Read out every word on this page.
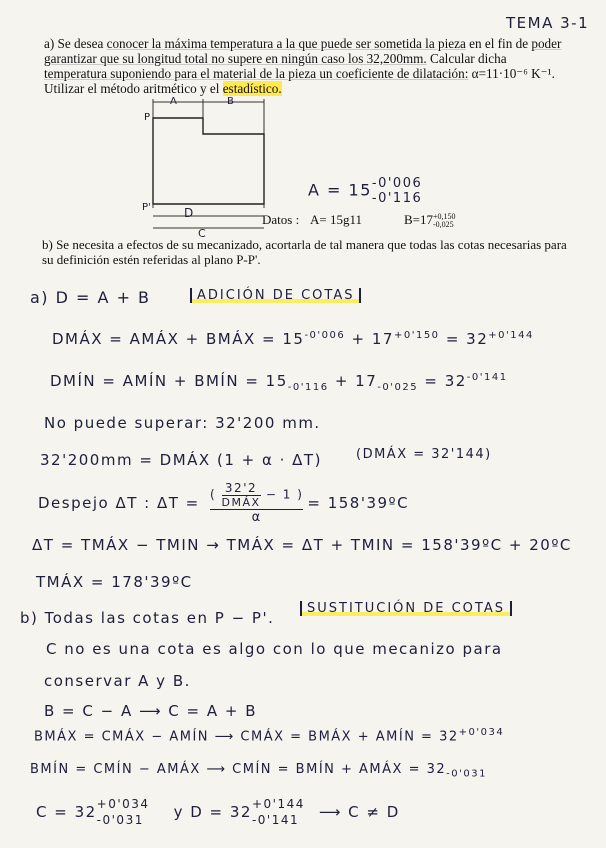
TEMA 3-1
a) Se desea conocer la máxima temperatura a la que puede ser sometida la pieza en el fin de poder garantizar que su longitud total no supere en ningún caso los 32,200mm. Calcular dicha temperatura suponiendo para el material de la pieza un coeficiente de dilatación: α=11·10⁻⁶ K⁻¹.
Utilizar el método aritmético y el estadístico.
A	B
P
P'	D
C
Datos : A= 15g11	B=17+0,150
-0,025
A = 15-0'006
-0'116
b) Se necesita a efectos de su mecanizado, acortarla de tal manera que todas las cotas necesarias para su definición estén referidas al plano P-P'.
a) D = A + B	ADICIÓN DE COTAS
DMÁX = AMÁX + BMÁX = $15^{-0'006} + 17^{+0'150} = 32^{+0'144}$
DMÍN = AMÍN + BMÍN = $15_{-0'116} + 17_{-0'025} = 32^{-0'141}$
No puede superar: 32'200 mm.
32'200mm = DMÁX (1 + α · ΔT)	(DMÁX = 32'144)
Despejo ΔT : ΔT =
$\frac{( \frac{32'2}{\text{DMÁX}} - 1 )}{\alpha}$ = 158'39ºC
ΔT = TMÁX − TMIN → TMÁX = ΔT + TMIN = 158'39ºC + 20ºC
TMÁX = 178'39ºC
b) Todas las cotas en P − P'.
SUSTITUCIÓN DE COTAS
C no es una cota es algo con lo que mecanizo para
conservar A y B.
B = C − A ⟶ C = A + B
BMÁX = CMÁX − AMÍN ⟶ CMÁX = BMÁX + AMÍN = $32^{+0'034}$
BMÍN = CMÍN − AMÁX ⟶ CMÍN = BMÍN + AMÁX = $32_{-0'031}$
C = 32 +0'034
-0'031	y D = 32 +0'144
-0'141	⟶ C ≠ D
